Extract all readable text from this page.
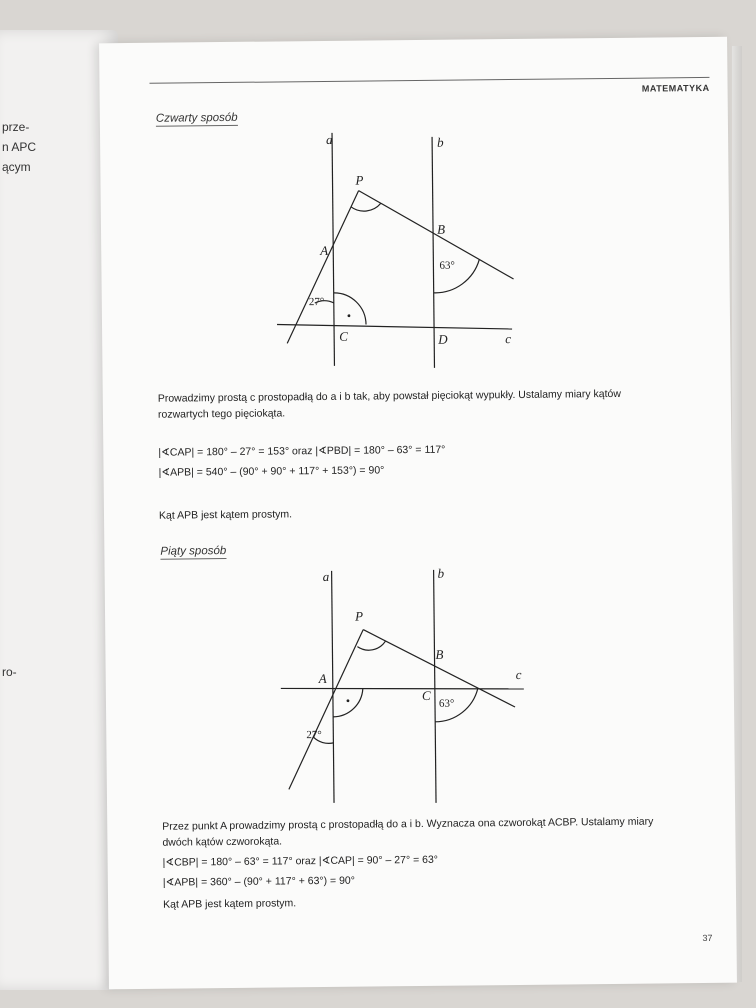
prze-
n APC
ącym
ro-
MATEMATYKA
Czwarty sposób
a	b
P
A
B
C	D	c
27°
63°
Prowadzimy prostą c prostopadłą do a i b tak, aby powstał pięciokąt wypukły. Ustalamy miary kątów rozwartych tego pięciokąta.
|∢CAP| = 180° – 27° = 153° oraz |∢PBD| = 180° – 63° = 117°
|∢APB| = 540° – (90° + 90° + 117° + 153°) = 90°
Kąt APB jest kątem prostym.
Piąty sposób
a	b
P
A
B
C
c
27°
63°
Przez punkt A prowadzimy prostą c prostopadłą do a i b. Wyznacza ona czworokąt ACBP. Ustalamy miary dwóch kątów czworokąta.
|∢CBP| = 180° – 63° = 117° oraz |∢CAP| = 90° – 27° = 63°
|∢APB| = 360° – (90° + 117° + 63°) = 90°
Kąt APB jest kątem prostym.
37
